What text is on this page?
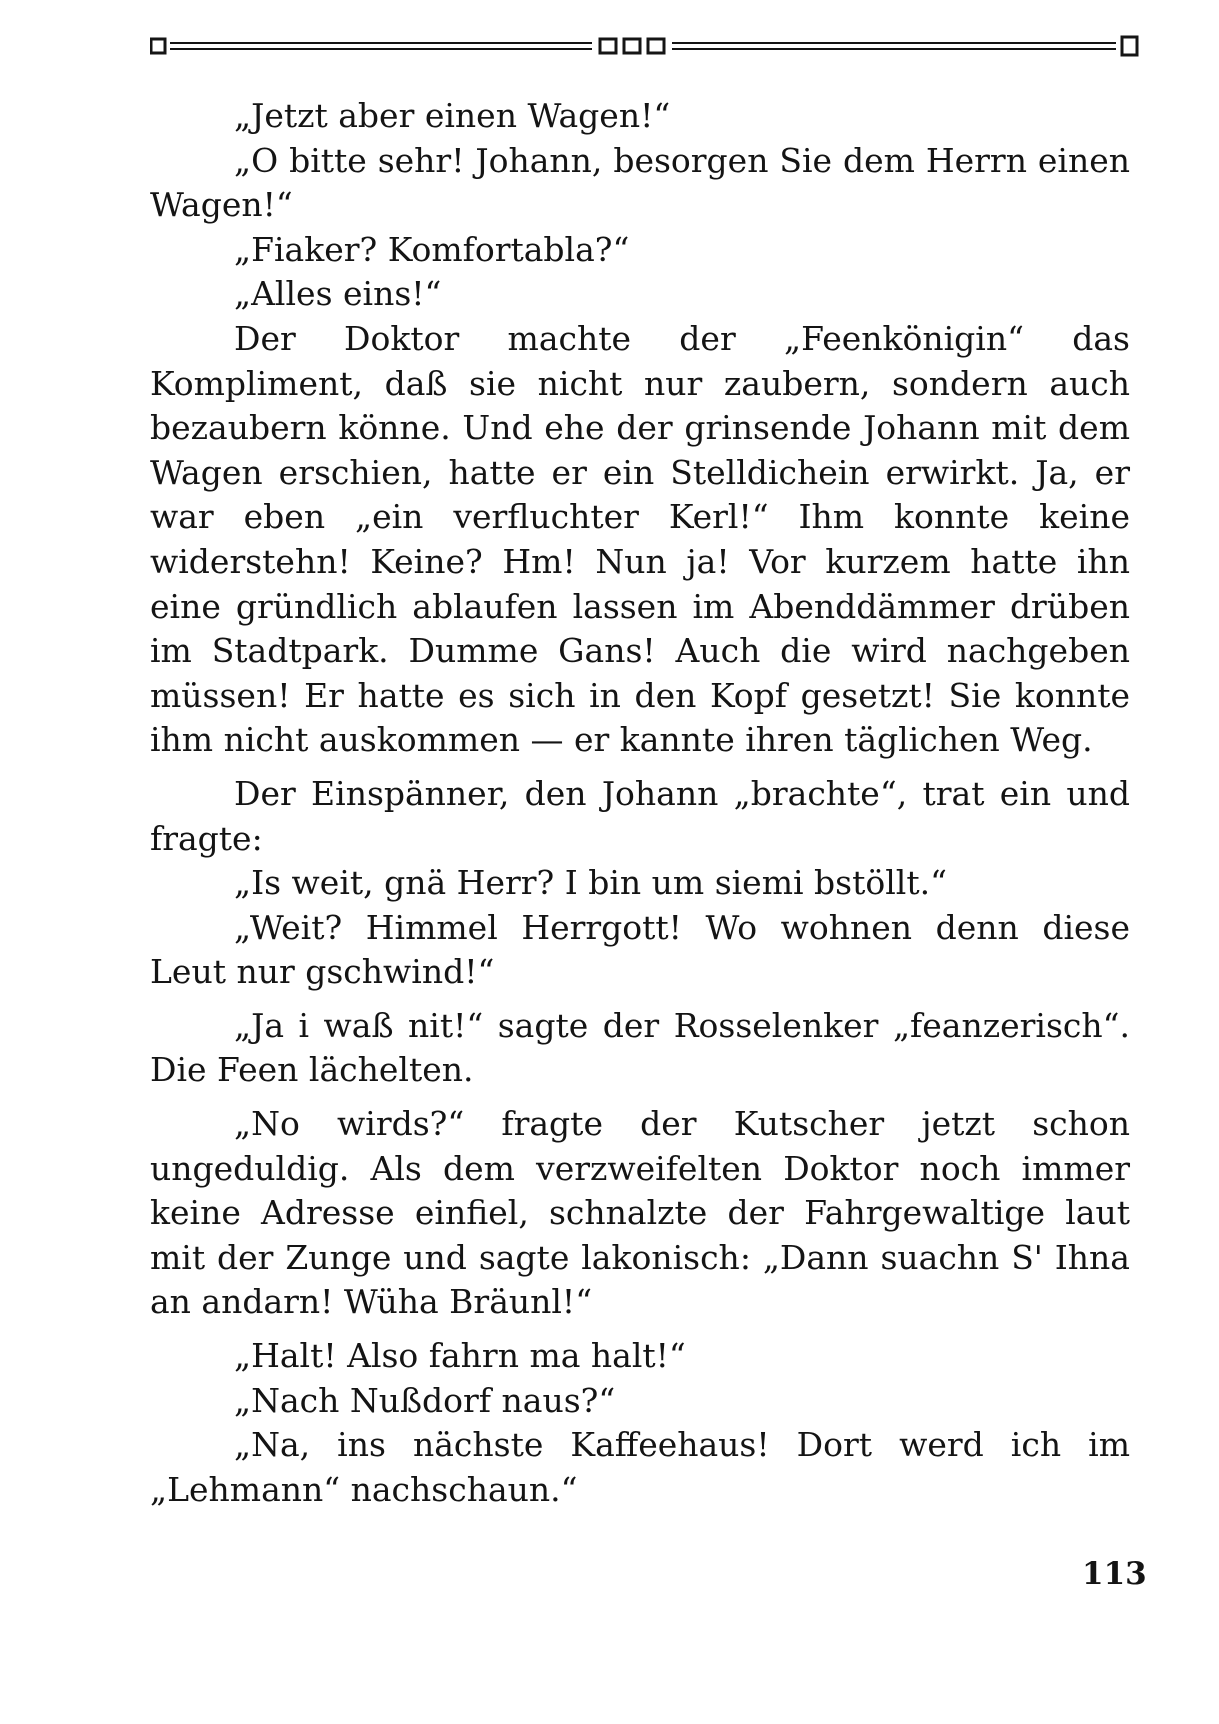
„Jetzt aber einen Wagen!“

„O bitte sehr! Johann, besorgen Sie dem Herrn einen Wagen!“

„Fiaker? Komfortabla?“

„Alles eins!“

Der Doktor machte der „Feenkönigin“ das Kompliment, daß sie nicht nur zaubern, sondern auch bezaubern könne. Und ehe der grinsende Johann mit dem Wagen erschien, hatte er ein Stelldichein erwirkt. Ja, er war eben „ein verfluchter Kerl!“ Ihm konnte keine widerstehn! Keine? Hm! Nun ja! Vor kurzem hatte ihn eine gründlich ablaufen lassen im Abenddämmer drüben im Stadtpark. Dumme Gans! Auch die wird nachgeben müssen! Er hatte es sich in den Kopf gesetzt! Sie konnte ihm nicht auskommen — er kannte ihren täglichen Weg.

Der Einspänner, den Johann „brachte“, trat ein und fragte:

„Is weit, gnä Herr? I bin um siemi bstöllt.“

„Weit? Himmel Herrgott! Wo wohnen denn diese Leut nur gschwind!“

„Ja i waß nit!“ sagte der Rosselenker „feanzerisch“. Die Feen lächelten.

„No wirds?“ fragte der Kutscher jetzt schon ungeduldig. Als dem verzweifelten Doktor noch immer keine Adresse einfiel, schnalzte der Fahrgewaltige laut mit der Zunge und sagte lakonisch: „Dann suachn S' Ihna an andarn! Wüha Bräunl!“

„Halt! Also fahrn ma halt!“

„Nach Nußdorf naus?“

„Na, ins nächste Kaffeehaus! Dort werd ich im „Lehmann“ nachschaun.“

113
